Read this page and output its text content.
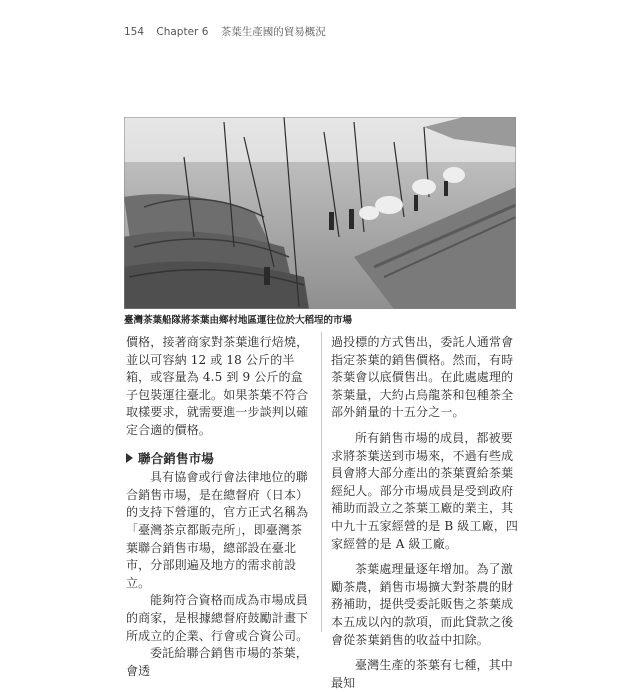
154 Chapter 6 茶葉生產國的貿易概況
臺灣茶葉船隊將茶葉由鄉村地區運往位於大稻埕的市場

價格，接著商家對茶葉進行焙燒，並以可容納 12 或 18 公斤的半箱，或容量為 4.5 到 9 公斤的盒子包裝運往臺北。如果茶葉不符合取樣要求，就需要進一步談判以確定合適的價格。

聯合銷售市場

具有協會或行會法律地位的聯合銷售市場，是在總督府（日本）的支持下營運的，官方正式名稱為「臺灣茶京都販売所」，即臺灣茶葉聯合銷售市場，總部設在臺北市，分部則遍及地方的需求前設立。

能夠符合資格而成為市場成員的商家，是根據總督府鼓勵計畫下所成立的企業、行會或合資公司。

委託給聯合銷售市場的茶葉，會透

過投標的方式售出，委託人通常會指定茶葉的銷售價格。然而，有時茶葉會以底價售出。在此處處理的茶葉量，大約占烏龍茶和包種茶全部外銷量的十五分之一。

所有銷售市場的成員，都被要求將茶葉送到市場來，不過有些成員會將大部分產出的茶葉賣給茶葉經紀人。部分市場成員是受到政府補助而設立之茶葉工廠的業主，其中九十五家經營的是 B 級工廠，四家經營的是 A 級工廠。

茶葉處理量逐年增加。為了激勵茶農，銷售市場擴大對茶農的財務補助，提供受委託販售之茶葉成本五成以內的款項，而此貸款之後會從茶葉銷售的收益中扣除。

臺灣生產的茶葉有七種，其中最知
